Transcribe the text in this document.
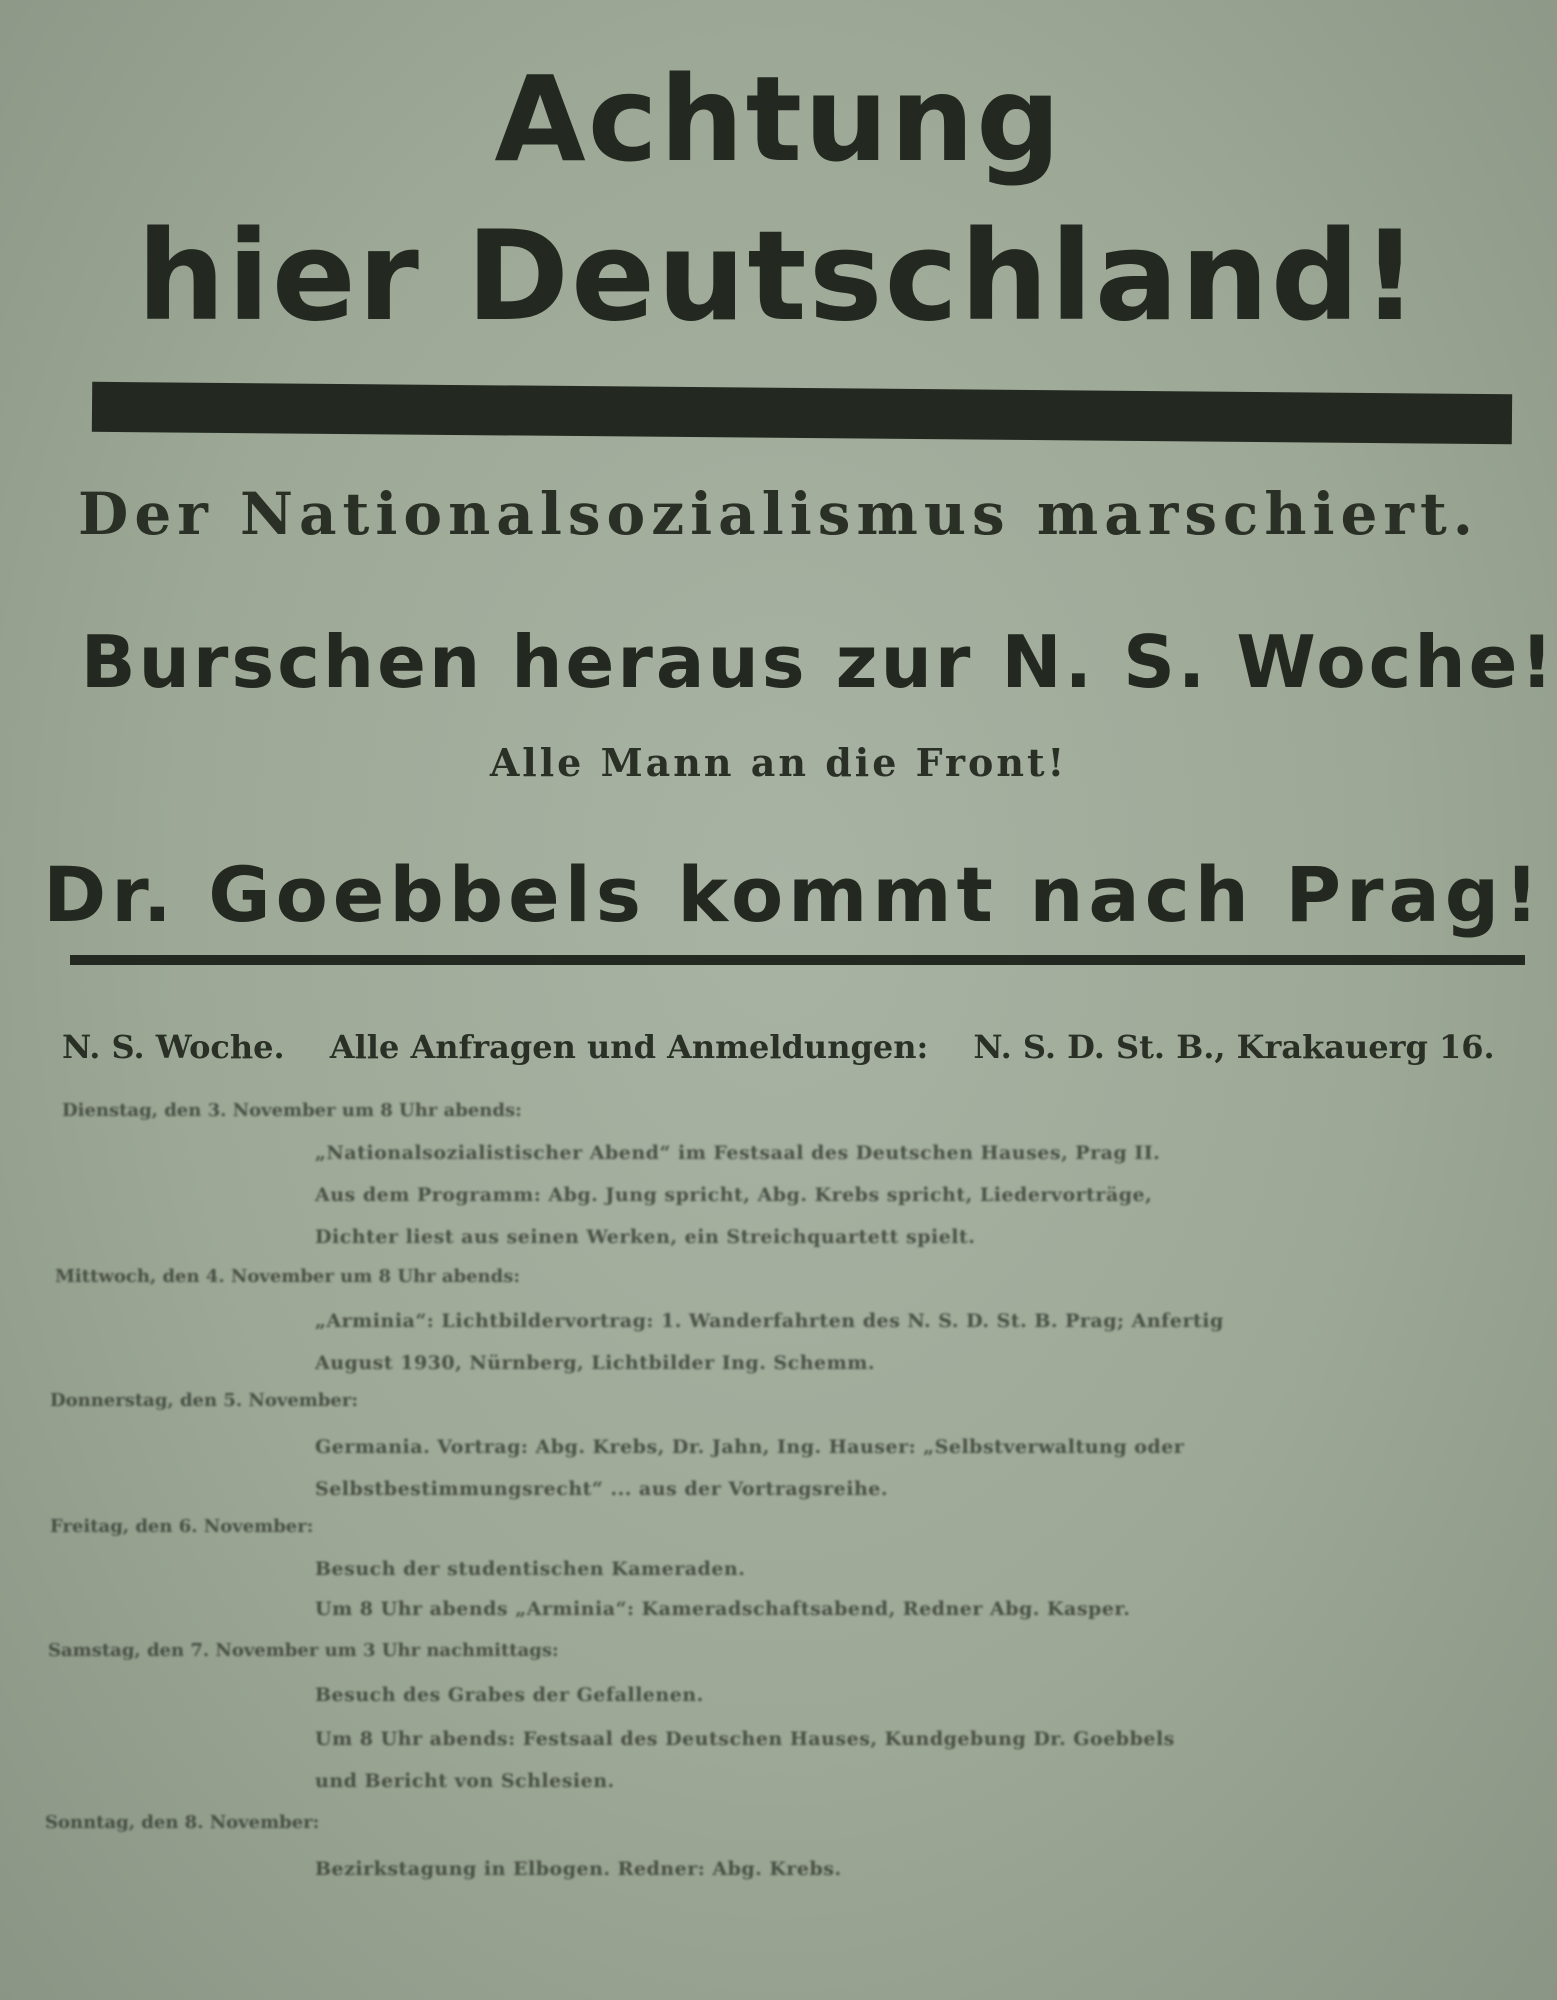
Achtung
hier Deutschland!
Der Nationalsozialismus marschiert.
Burschen heraus zur N. S. Woche!
Alle Mann an die Front!
Dr. Goebbels kommt nach Prag!
N. S. Woche. Alle Anfragen und Anmeldungen: N. S. D. St. B., Krakauerg 16.
Dienstag, den 3. November um 8 Uhr abends:
„Nationalsozialistischer Abend“ im Festsaal des Deutschen Hauses, Prag II.
Aus dem Programm: Abg. Jung spricht, Abg. Krebs spricht, Liedervorträge,
Dichter liest aus seinen Werken, ein Streichquartett spielt.
Mittwoch, den 4. November um 8 Uhr abends:
„Arminia“: Lichtbildervortrag: 1. Wanderfahrten des N. S. D. St. B. Prag; Anfertig
August 1930, Nürnberg, Lichtbilder Ing. Schemm.
Donnerstag, den 5. November:
Germania. Vortrag: Abg. Krebs, Dr. Jahn, Ing. Hauser: „Selbstverwaltung oder
Selbstbestimmungsrecht“ ... aus der Vortragsreihe.
Freitag, den 6. November:
Besuch der studentischen Kameraden.
Um 8 Uhr abends „Arminia“: Kameradschaftsabend, Redner Abg. Kasper.
Samstag, den 7. November um 3 Uhr nachmittags:
Besuch des Grabes der Gefallenen.
Um 8 Uhr abends: Festsaal des Deutschen Hauses, Kundgebung Dr. Goebbels
und Bericht von Schlesien.
Sonntag, den 8. November:
Bezirkstagung in Elbogen. Redner: Abg. Krebs.
